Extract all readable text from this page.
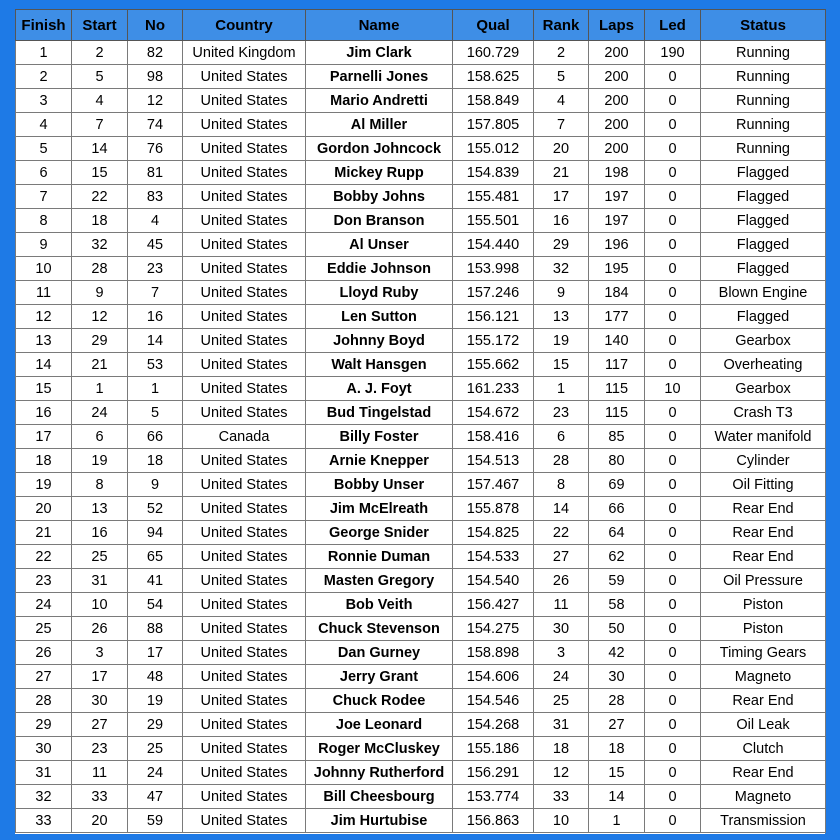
Finish	Start	No	Country	Name	Qual	Rank	Laps	Led	Status
1	2	82	United Kingdom	Jim Clark	160.729	2	200	190	Running
2	5	98	United States	Parnelli Jones	158.625	5	200	0	Running
3	4	12	United States	Mario Andretti	158.849	4	200	0	Running
4	7	74	United States	Al Miller	157.805	7	200	0	Running
5	14	76	United States	Gordon Johncock	155.012	20	200	0	Running
6	15	81	United States	Mickey Rupp	154.839	21	198	0	Flagged
7	22	83	United States	Bobby Johns	155.481	17	197	0	Flagged
8	18	4	United States	Don Branson	155.501	16	197	0	Flagged
9	32	45	United States	Al Unser	154.440	29	196	0	Flagged
10	28	23	United States	Eddie Johnson	153.998	32	195	0	Flagged
11	9	7	United States	Lloyd Ruby	157.246	9	184	0	Blown Engine
12	12	16	United States	Len Sutton	156.121	13	177	0	Flagged
13	29	14	United States	Johnny Boyd	155.172	19	140	0	Gearbox
14	21	53	United States	Walt Hansgen	155.662	15	117	0	Overheating
15	1	1	United States	A. J. Foyt	161.233	1	115	10	Gearbox
16	24	5	United States	Bud Tingelstad	154.672	23	115	0	Crash T3
17	6	66	Canada	Billy Foster	158.416	6	85	0	Water manifold
18	19	18	United States	Arnie Knepper	154.513	28	80	0	Cylinder
19	8	9	United States	Bobby Unser	157.467	8	69	0	Oil Fitting
20	13	52	United States	Jim McElreath	155.878	14	66	0	Rear End
21	16	94	United States	George Snider	154.825	22	64	0	Rear End
22	25	65	United States	Ronnie Duman	154.533	27	62	0	Rear End
23	31	41	United States	Masten Gregory	154.540	26	59	0	Oil Pressure
24	10	54	United States	Bob Veith	156.427	11	58	0	Piston
25	26	88	United States	Chuck Stevenson	154.275	30	50	0	Piston
26	3	17	United States	Dan Gurney	158.898	3	42	0	Timing Gears
27	17	48	United States	Jerry Grant	154.606	24	30	0	Magneto
28	30	19	United States	Chuck Rodee	154.546	25	28	0	Rear End
29	27	29	United States	Joe Leonard	154.268	31	27	0	Oil Leak
30	23	25	United States	Roger McCluskey	155.186	18	18	0	Clutch
31	11	24	United States	Johnny Rutherford	156.291	12	15	0	Rear End
32	33	47	United States	Bill Cheesbourg	153.774	33	14	0	Magneto
33	20	59	United States	Jim Hurtubise	156.863	10	1	0	Transmission
